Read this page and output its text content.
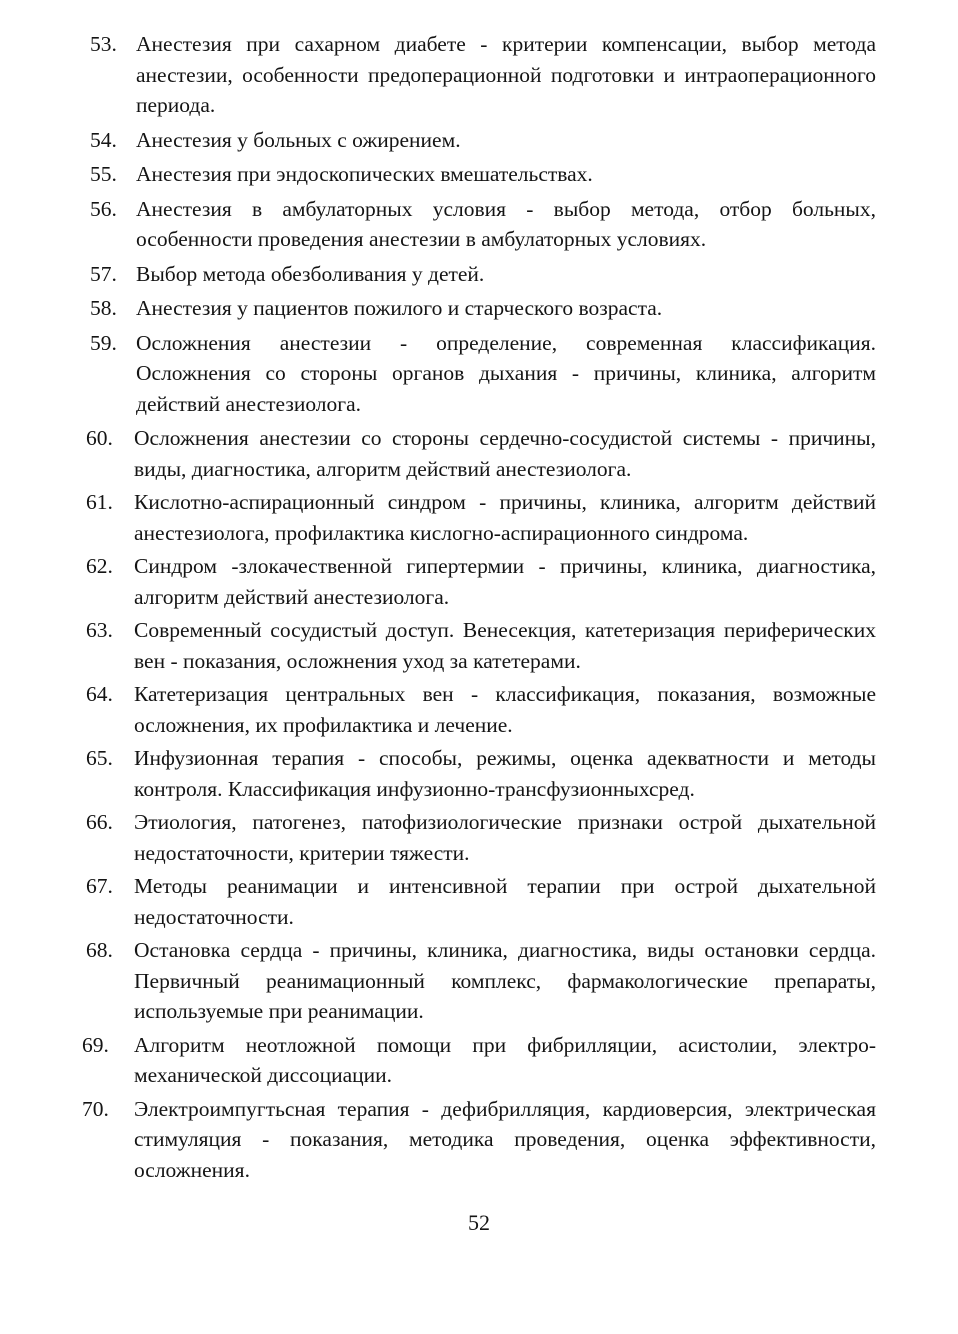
53. Анестезия при сахарном диабете - критерии компенсации, выбор метода анестезии, особенности предоперационной подготовки и интраоперационного периода.
54. Анестезия у больных с ожирением.
55. Анестезия при эндоскопических вмешательствах.
56. Анестезия в амбулаторных условия - выбор метода, отбор больных, особенности проведения анестезии в амбулаторных условиях.
57. Выбор метода обезболивания у детей.
58. Анестезия у пациентов пожилого и старческого возраста.
59. Осложнения анестезии - определение, современная классификация. Осложнения со стороны органов дыхания - причины, клиника, алгоритм действий анестезиолога.
60. Осложнения анестезии со стороны сердечно-сосудистой системы - причины, виды, диагностика, алгоритм действий анестезиолога.
61. Кислотно-аспирационный синдром - причины, клиника, алгоритм действий анестезиолога, профилактика кислогно-аспирационного синдрома.
62. Синдром -злокачественной гипертермии - причины, клиника, диагностика, алгоритм действий анестезиолога.
63. Современный сосудистый доступ. Венесекция, катетеризация периферических вен - показания, осложнения уход за катетерами.
64. Катетеризация центральных вен - классификация, показания, возможные осложнения, их профилактика и лечение.
65. Инфузионная терапия - способы, режимы, оценка адекватности и методы контроля. Классификация инфузионно-трансфузионныхсред.
66. Этиология, патогенез, патофизиологические признаки острой дыхательной недостаточности, критерии тяжести.
67. Методы реанимации и интенсивной терапии при острой дыхательной недостаточности.
68. Остановка сердца - причины, клиника, диагностика, виды остановки сердца. Первичный реанимационный комплекс, фармакологические препараты, используемые при реанимации.
69.	Алгоритм неотложной помощи при фибрилляции, асистолии, электро-механической диссоциации.
70.	Электроимпугтьсная терапия - дефибрилляция, кардиоверсия, электрическая стимуляция - показания, методика проведения, оценка эффективности, осложнения.
52
